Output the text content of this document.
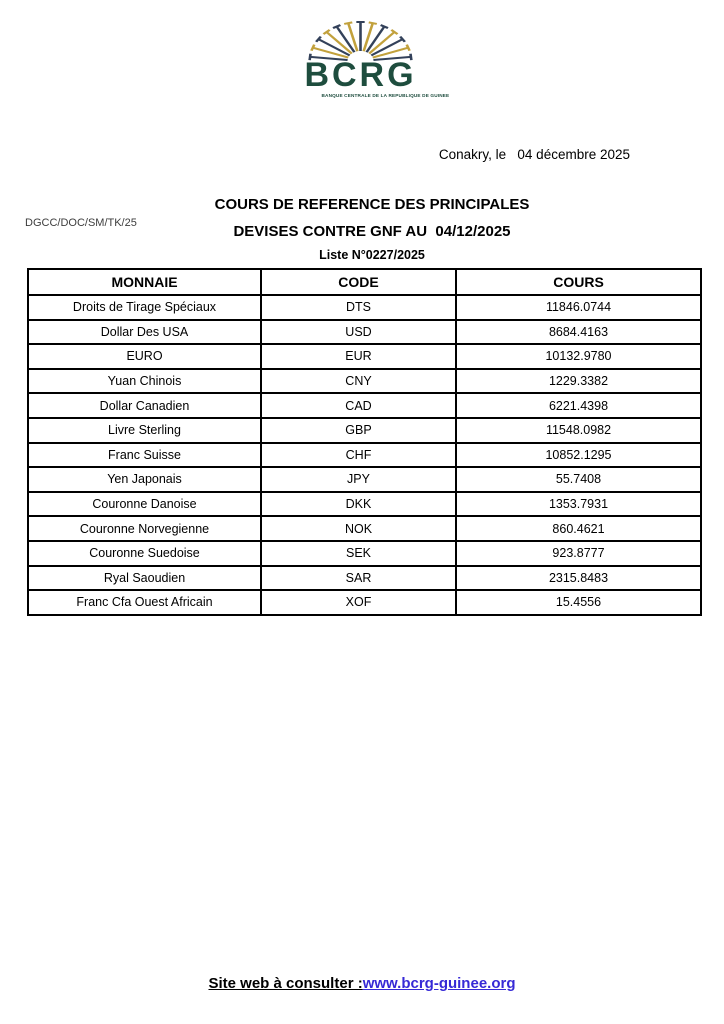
BCRG
BANQUE CENTRALE DE LA REPUBLIQUE DE GUINEE
Conakry, le   04 décembre 2025
DGCC/DOC/SM/TK/25
COURS DE REFERENCE DES PRINCIPALES
DEVISES CONTRE GNF AU  04/12/2025
Liste N°0227/2025
MONNAIE	CODE	COURS
Droits de Tirage Spéciaux	DTS	11846.0744
Dollar Des USA	USD	8684.4163
EURO	EUR	10132.9780
Yuan Chinois	CNY	1229.3382
Dollar Canadien	CAD	6221.4398
Livre Sterling	GBP	11548.0982
Franc Suisse	CHF	10852.1295
Yen Japonais	JPY	55.7408
Couronne Danoise	DKK	1353.7931
Couronne Norvegienne	NOK	860.4621
Couronne Suedoise	SEK	923.8777
Ryal Saoudien	SAR	2315.8483
Franc Cfa Ouest Africain	XOF	15.4556
Site web à consulter :www.bcrg-guinee.org
